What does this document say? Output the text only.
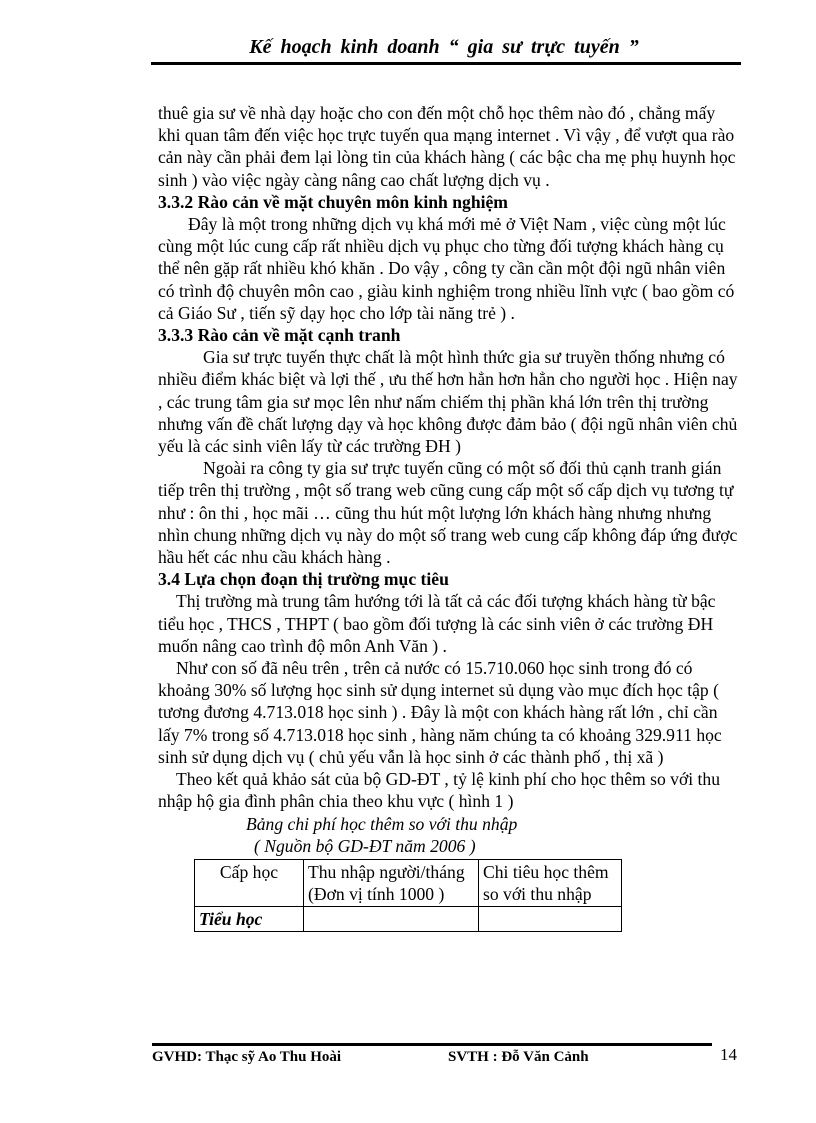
Kế hoạch kinh doanh “ gia sư trực tuyến ”

thuê gia sư về nhà dạy hoặc cho con đến một chỗ học thêm nào đó , chẳng mấy khi quan tâm đến việc học trực tuyến qua mạng internet . Vì vậy , để vượt qua rào cản này cần phải đem lại lòng tin của khách hàng ( các bậc cha mẹ phụ huynh học sinh ) vào việc ngày càng nâng cao chất lượng dịch vụ .

3.3.2 Rào cản về mặt chuyên môn kinh nghiệm

Đây là một trong những dịch vụ khá mới mẻ ở Việt Nam , việc cùng một lúc cùng một lúc cung cấp rất nhiều dịch vụ phục cho từng đối tượng khách hàng cụ thể nên gặp rất nhiều khó khăn . Do vậy , công ty cần cần một đội ngũ nhân viên có trình độ chuyên môn cao , giàu kinh nghiệm trong nhiều lĩnh vực ( bao gồm có cả Giáo Sư , tiến sỹ dạy học cho lớp tài năng trẻ ) .

3.3.3 Rào cản về mặt cạnh tranh

Gia sư trực tuyến thực chất là một hình thức gia sư truyền thống nhưng có nhiều điểm khác biệt và lợi thế , ưu thế hơn hẳn hơn hẳn cho người học . Hiện nay , các trung tâm gia sư mọc lên như nấm chiếm thị phần khá lớn trên thị trường nhưng vấn đề chất lượng dạy và học không được đảm bảo ( đội ngũ nhân viên chủ yếu là các sinh viên lấy từ các trường ĐH )

Ngoài ra công ty gia sư trực tuyến cũng có một số đối thủ cạnh tranh gián tiếp trên thị trường , một số trang web cũng cung cấp một số cấp dịch vụ tương tự như : ôn thi , học mãi … cũng thu hút một lượng lớn khách hàng nhưng nhưng nhìn chung những dịch vụ này do một số trang web cung cấp không đáp ứng được hầu hết các nhu cầu khách hàng .

3.4 Lựa chọn đoạn thị trường mục tiêu

Thị trường mà trung tâm hướng tới là tất cả các đối tượng khách hàng từ bậc tiểu học , THCS , THPT ( bao gồm đối tượng là các sinh viên ở các trường ĐH muốn nâng cao trình độ môn Anh Văn ) .

Như con số đã nêu trên , trên cả nước có 15.710.060 học sinh trong đó có khoảng 30% số lượng học sinh sử dụng internet sủ dụng vào mục đích học tập ( tương đương 4.713.018 học sinh ) . Đây là một con khách hàng rất lớn , chỉ cần lấy 7% trong số 4.713.018 học sinh , hàng năm chúng ta có khoảng 329.911 học sinh sử dụng dịch vụ ( chủ yếu vẫn là học sinh ở các thành phố , thị xã )

Theo kết quả khảo sát của bộ GD-ĐT , tỷ lệ kinh phí cho học thêm so với thu nhập hộ gia đình phân chia theo khu vực ( hình 1 )

Bảng chi phí học thêm so với thu nhập

( Nguồn bộ GD-ĐT năm 2006 )

Cấp học	Thu nhập người/tháng (Đơn vị tính 1000 )	Chi tiêu học thêm so với thu nhập
Tiểu học		
GVHD: Thạc sỹ Ao Thu Hoài	SVTH : Đỗ Văn Cảnh	14
